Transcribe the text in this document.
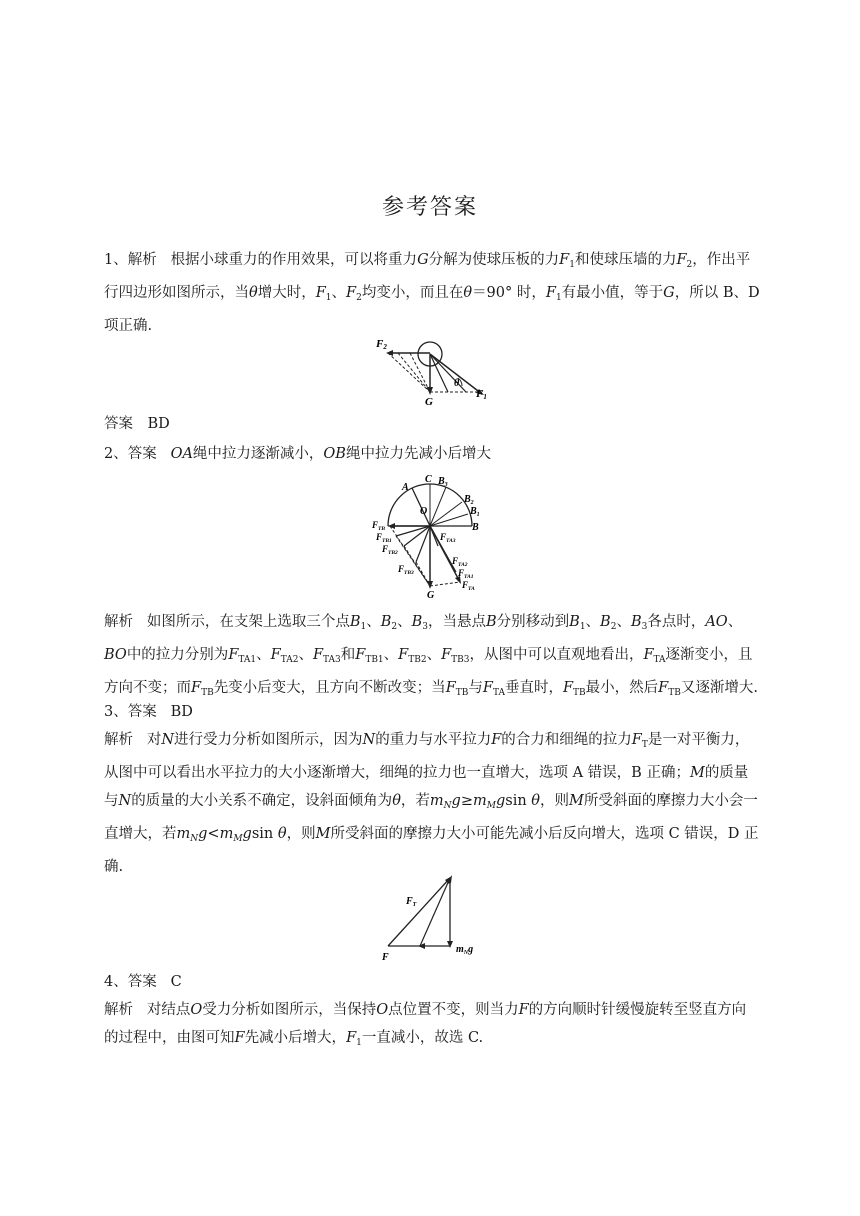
参考答案
1、解析 根据小球重力的作用效果，可以将重力G分解为使球压板的力$F_1$和使球压墙的力$F_2$，作出平行四边形如图所示，当θ增大时，$F_1$、$F_2$均变小，而且在θ＝90° 时，$F_1$有最小值，等于G，所以 B、D 项正确.
F2
θ
F1
G
答案　BD
2、答案 OA绳中拉力逐渐减小，OB绳中拉力先减小后增大
A
C $B_3$
$B_2$
$B_1$
B
O
G
$F_{TB}$
$F_{TB1}$
$F_{TB2}$
$F_{TB3}$
$F_{TA3}$
$F_{TA2}$
$F_{TA1}$
$F_{TA}$
解析 如图所示，在支架上选取三个点$B_1$、$B_2$、$B_3$，当悬点B分别移动到$B_1$、$B_2$、$B_3$各点时，AO、BO中的拉力分别为$F_{TA1}$、$F_{TA2}$、$F_{TA3}$和$F_{TB1}$、$F_{TB2}$、$F_{TB3}$，从图中可以直观地看出，$F_{TA}$逐渐变小，且方向不变；而$F_{TB}$先变小后变大，且方向不断改变；当$F_{TB}$与$F_{TA}$垂直时，$F_{TB}$最小，然后$F_{TB}$又逐渐增大.
3、答案 BD
解析 对N进行受力分析如图所示，因为N的重力与水平拉力F的合力和细绳的拉力$F_T$是一对平衡力，从图中可以看出水平拉力的大小逐渐增大，细绳的拉力也一直增大，选项 A 错误，B 正确；M的质量与N的质量的大小关系不确定，设斜面倾角为θ，若$m_Ng\ge m_Mgsin$ θ，则M所受斜面的摩擦力大小会一直增大，若$m_Ng<m_Mgsin$ θ，则M所受斜面的摩擦力大小可能先减小后反向增大，选项 C 错误，D 正确.
$F_T$
F
$m_Ng$
4、答案 C
解析 对结点O受力分析如图所示，当保持O点位置不变，则当力F的方向顺时针缓慢旋转至竖直方向的过程中，由图可知F先减小后增大，$F_1$一直减小，故选 C.
